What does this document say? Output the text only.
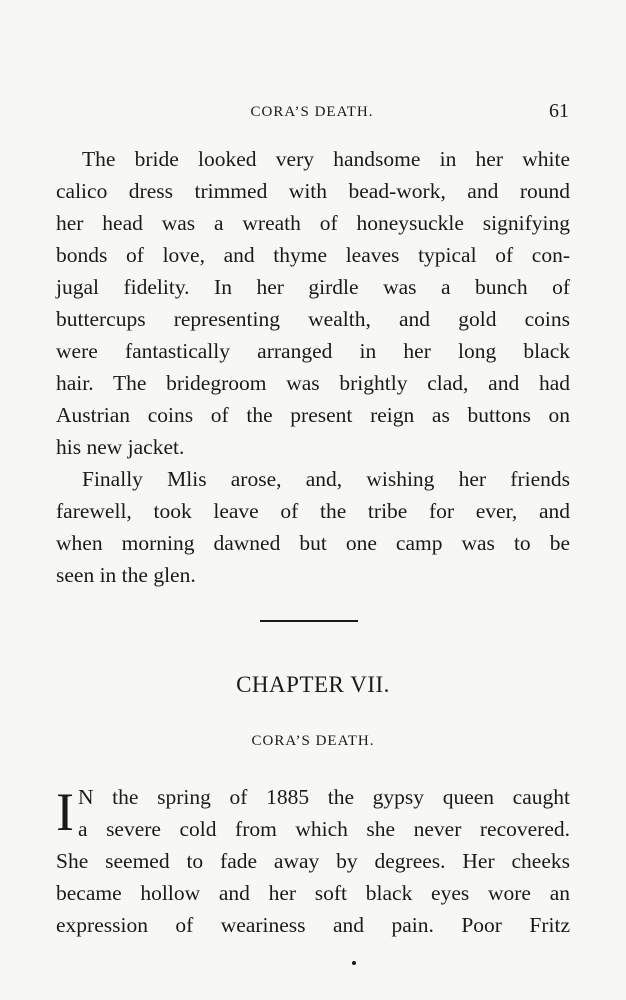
CORA’S DEATH.	61
The bride looked very handsome in her white
calico dress trimmed with bead-work, and round
her head was a wreath of honeysuckle signifying
bonds of love, and thyme leaves typical of con-
jugal fidelity. In her girdle was a bunch of
buttercups representing wealth, and gold coins
were fantastically arranged in her long black
hair. The bridegroom was brightly clad, and had
Austrian coins of the present reign as buttons on
his new jacket.
Finally Mlis arose, and, wishing her friends
farewell, took leave of the tribe for ever, and
when morning dawned but one camp was to be
seen in the glen.
CHAPTER VII.
CORA’S DEATH.
I N the spring of 1885 the gypsy queen caught
a severe cold from which she never recovered.
She seemed to fade away by degrees. Her cheeks
became hollow and her soft black eyes wore an
expression of weariness and pain. Poor Fritz
